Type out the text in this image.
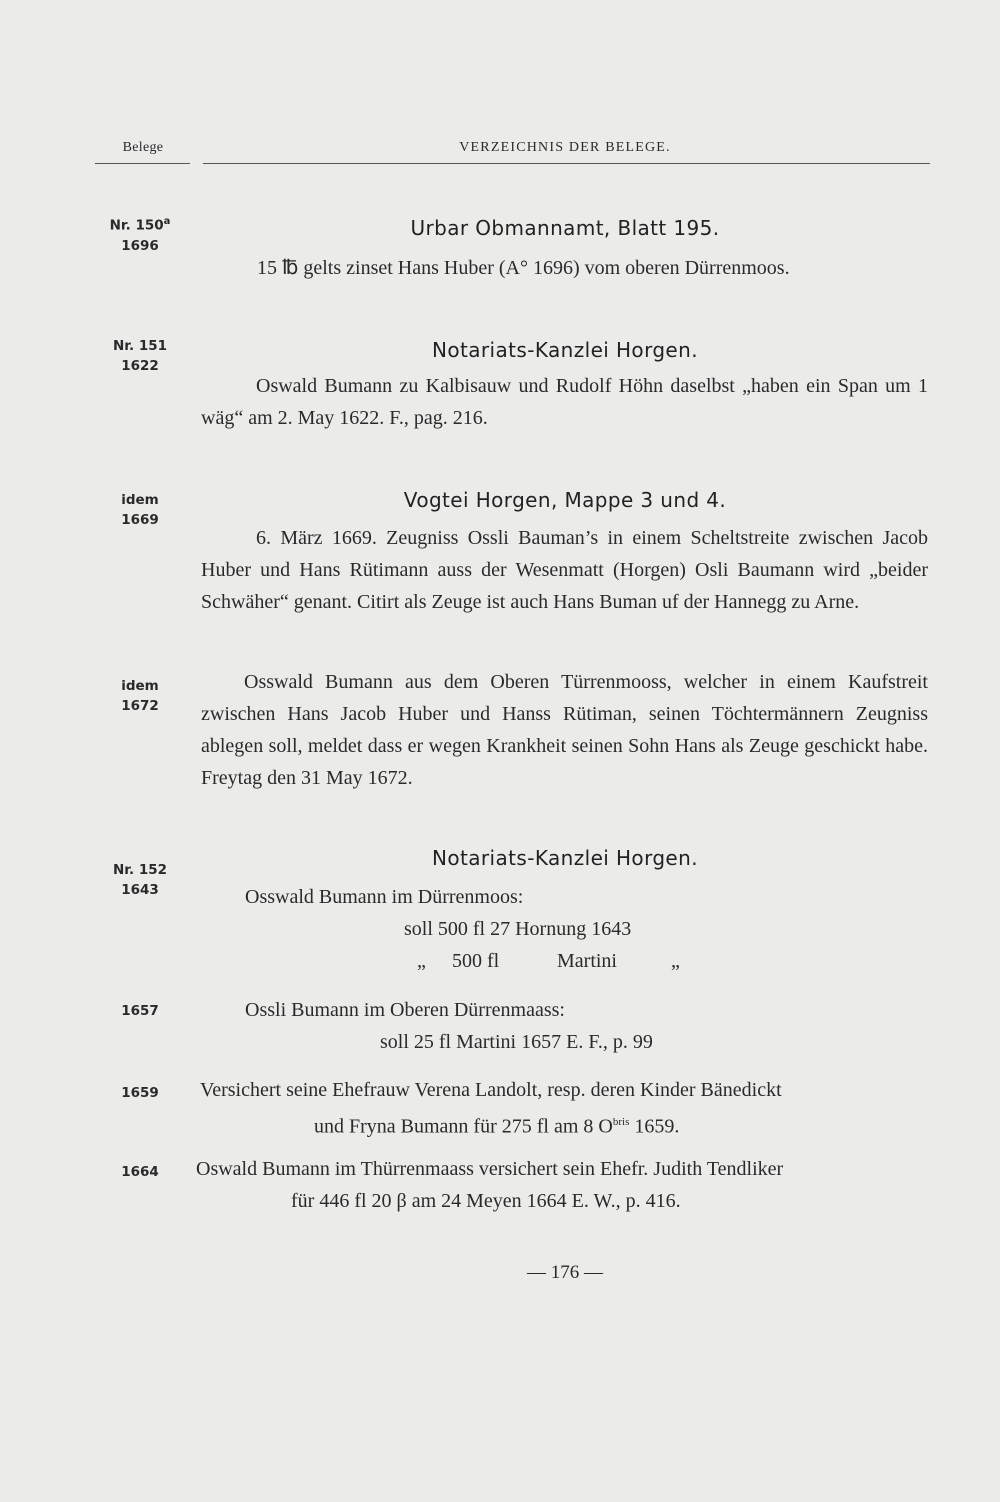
Belege	VERZEICHNIS DER BELEGE.
Nr. 150$^a$
1696
Urbar Obmannamt, Blatt 195.
15 ℔ gelts zinset Hans Huber (A° 1696) vom oberen Dürrenmoos.
Nr. 151
1622
Notariats-Kanzlei Horgen.
Oswald Bumann zu Kalbisauw und Rudolf Höhn daselbst „haben ein Span um 1 wäg“ am 2. May 1622. F., pag. 216.
idem
1669
Vogtei Horgen, Mappe 3 und 4.
6. März 1669. Zeugniss Ossli Bauman’s in einem Scheltstreite zwischen Jacob Huber und Hans Rütimann auss der Wesenmatt (Horgen) Osli Baumann wird „beider Schwäher“ genant. Citirt als Zeuge ist auch Hans Buman uf der Hannegg zu Arne.
idem
1672
Osswald Bumann aus dem Oberen Türrenmooss, welcher in einem Kaufstreit zwischen Hans Jacob Huber und Hanss Rütiman, seinen Töchtermännern Zeugniss ablegen soll, meldet dass er wegen Krankheit seinen Sohn Hans als Zeuge geschickt habe. Freytag den 31 May 1672.
Nr. 152
1643
Notariats-Kanzlei Horgen.
Osswald Bumann im Dürrenmoos:
soll 500 fl 27 Hornung 1643
„ 500 fl	Martini	„
1657	Ossli Bumann im Oberen Dürrenmaass:
soll 25 fl Martini 1657 E. F., p. 99
1659	Versichert seine Ehefrauw Verena Landolt, resp. deren Kinder Bänedickt
und Fryna Bumann für 275 fl am 8 $O^{bris}$ 1659.
1664	Oswald Bumann im Thürrenmaass versichert sein Ehefr. Judith Tendliker
für 446 fl 20 β am 24 Meyen 1664 E. W., p. 416.
— 176 —
